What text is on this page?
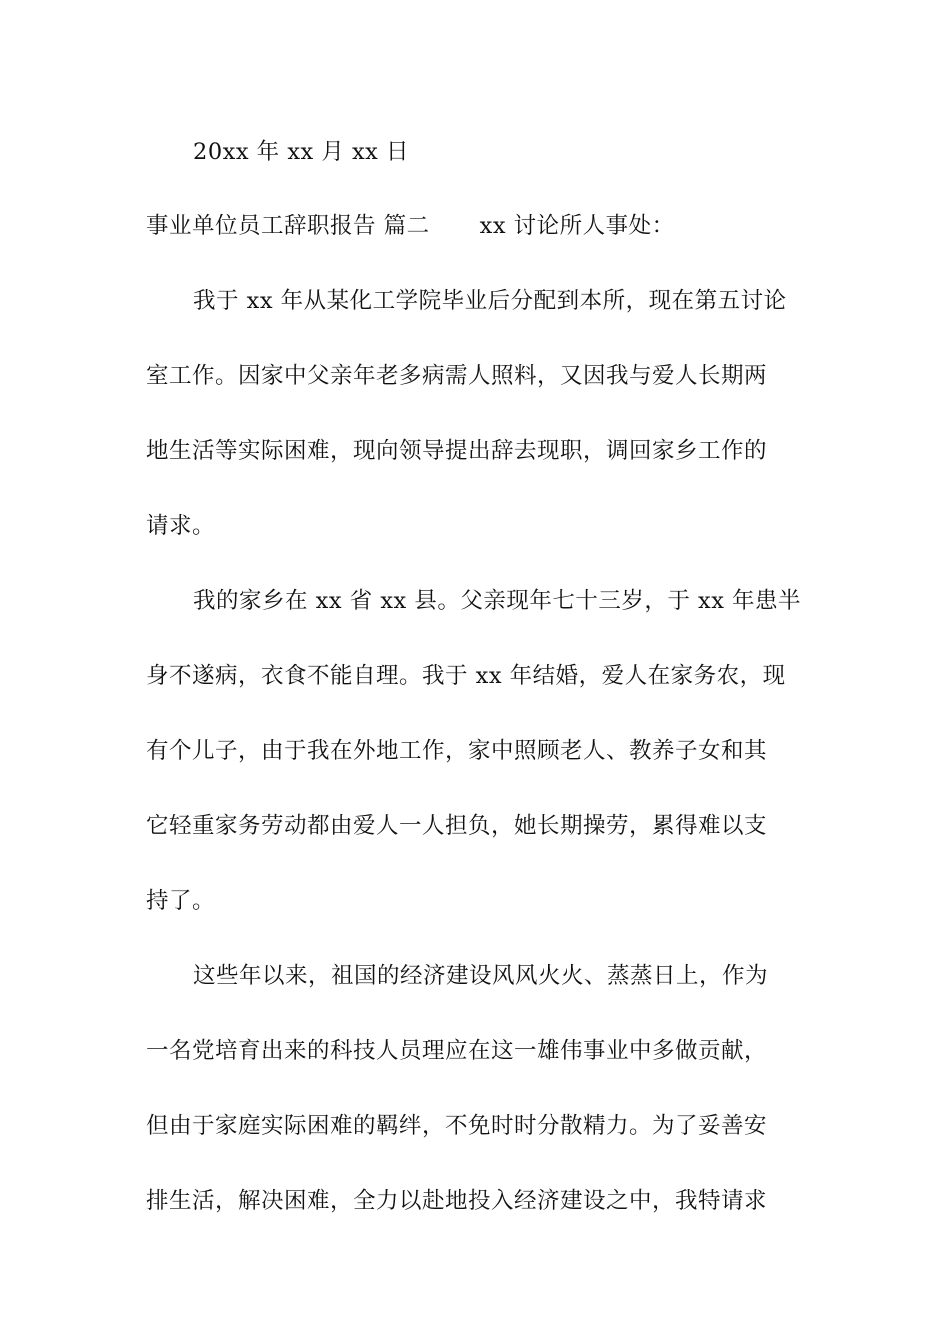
20xx 年 xx 月 xx 日
事业单位员工辞职报告 篇二 xx 讨论所人事处：
我于 xx 年从某化工学院毕业后分配到本所，现在第五讨论
室工作。因家中父亲年老多病需人照料，又因我与爱人长期两
地生活等实际困难，现向领导提出辞去现职，调回家乡工作的
请求。
我的家乡在 xx 省 xx 县。父亲现年七十三岁，于 xx 年患半
身不遂病，衣食不能自理。我于 xx 年结婚，爱人在家务农，现
有个儿子，由于我在外地工作，家中照顾老人、教养子女和其
它轻重家务劳动都由爱人一人担负，她长期操劳，累得难以支
持了。
这些年以来，祖国的经济建设风风火火、蒸蒸日上，作为
一名党培育出来的科技人员理应在这一雄伟事业中多做贡献，
但由于家庭实际困难的羁绊，不免时时分散精力。为了妥善安
排生活，解决困难，全力以赴地投入经济建设之中，我特请求
